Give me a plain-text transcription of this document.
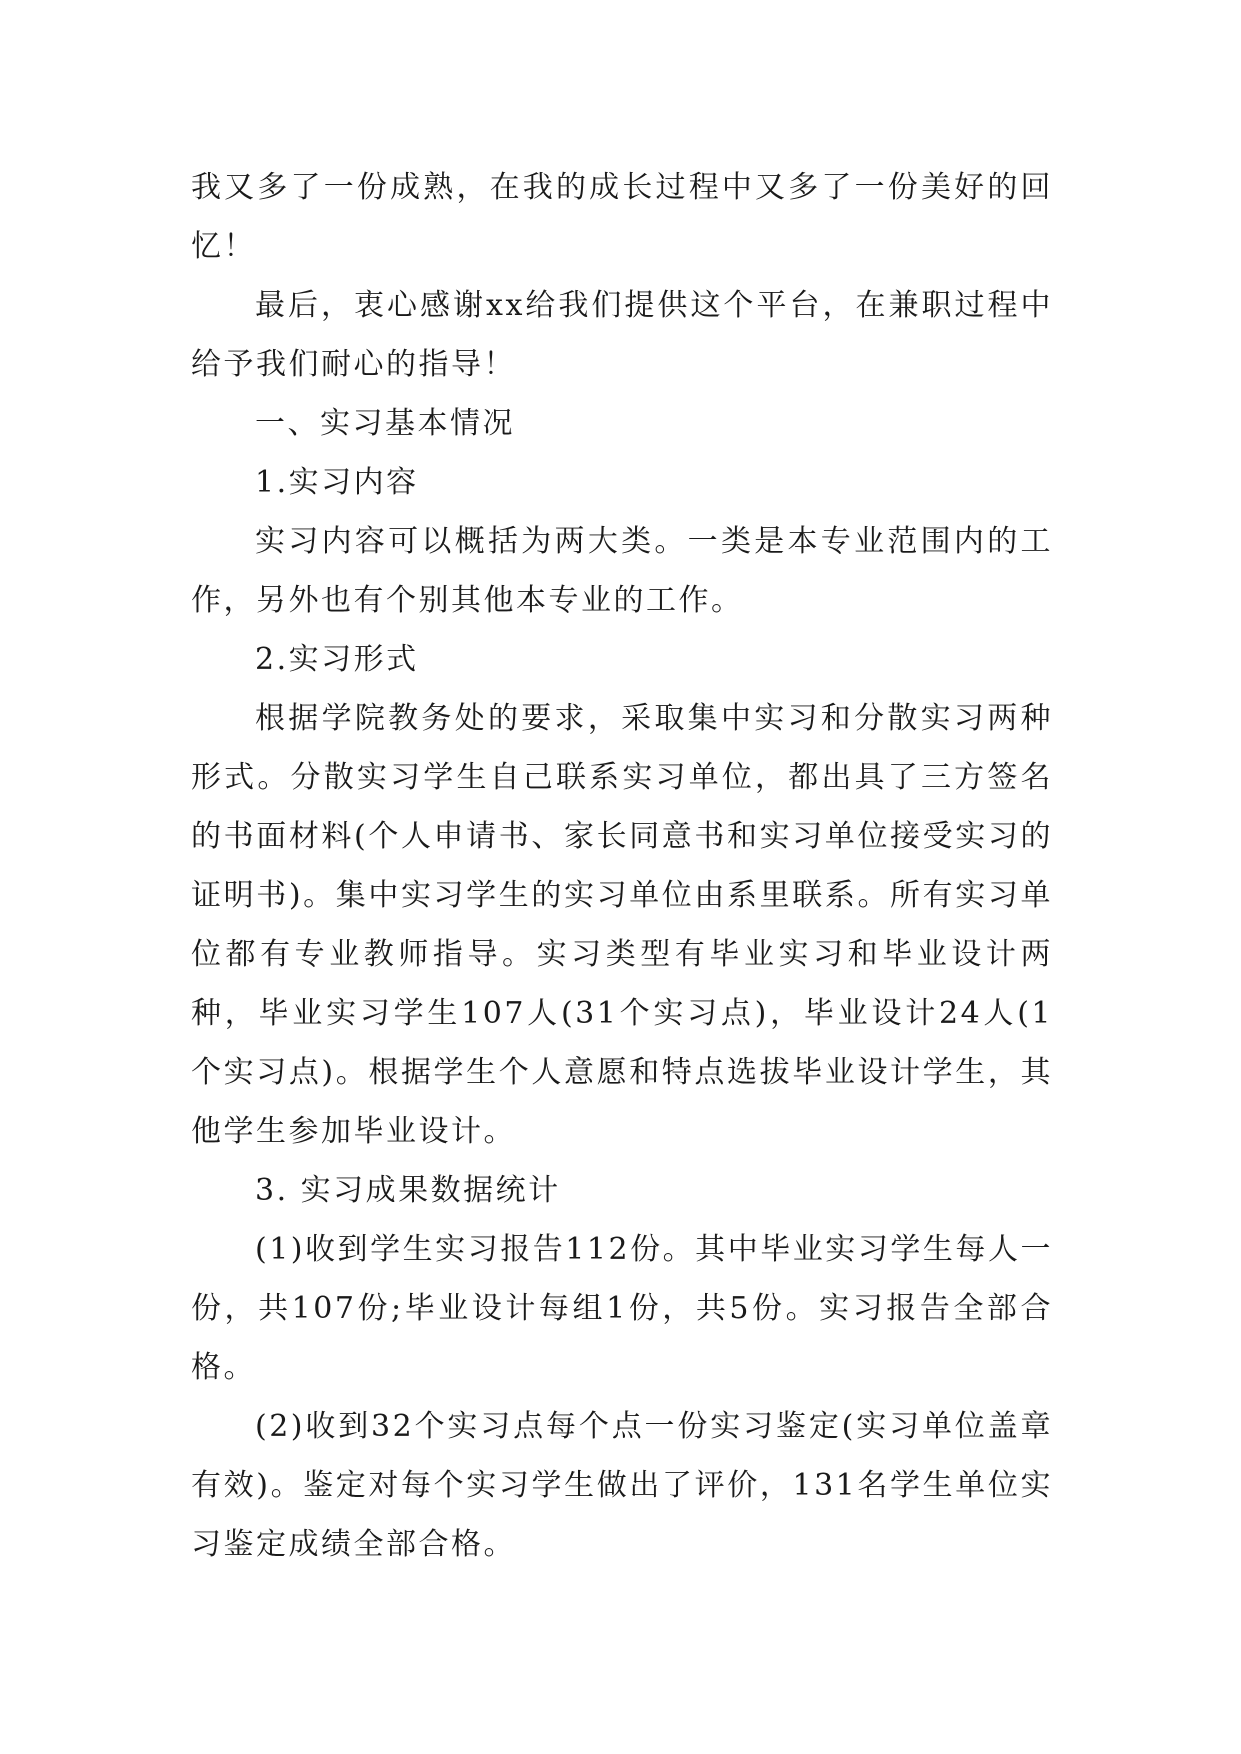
我又多了一份成熟，在我的成长过程中又多了一份美好的回忆！

最后，衷心感谢xx给我们提供这个平台，在兼职过程中给予我们耐心的指导！

一、实习基本情况

1.实习内容

实习内容可以概括为两大类。一类是本专业范围内的工作，另外也有个别其他本专业的工作。

2.实习形式

根据学院教务处的要求，采取集中实习和分散实习两种形式。分散实习学生自己联系实习单位，都出具了三方签名的书面材料(个人申请书、家长同意书和实习单位接受实习的证明书)。集中实习学生的实习单位由系里联系。所有实习单位都有专业教师指导。实习类型有毕业实习和毕业设计两种，毕业实习学生107人(31个实习点)，毕业设计24人(1个实习点)。根据学生个人意愿和特点选拔毕业设计学生，其他学生参加毕业设计。

3. 实习成果数据统计

(1)收到学生实习报告112份。其中毕业实习学生每人一份，共107份;毕业设计每组1份，共5份。实习报告全部合格。

(2)收到32个实习点每个点一份实习鉴定(实习单位盖章有效)。鉴定对每个实习学生做出了评价，131名学生单位实习鉴定成绩全部合格。
